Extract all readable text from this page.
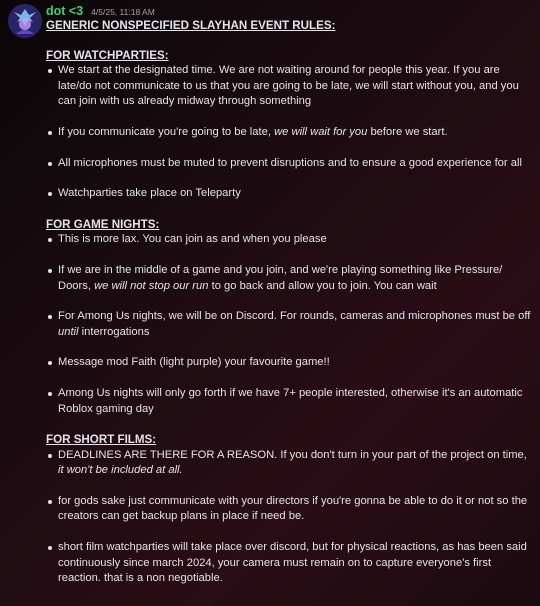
dot <3 4/5/25, 11:18 AM

GENERIC NONSPECIFIED SLAYHAN EVENT RULES:

FOR WATCHPARTIES:

We start at the designated time. We are not waiting around for people this year. If you are late/do not communicate to us that you are going to be late, we will start without you, and you can join with us already midway through something
If you communicate you're going to be late, we will wait for you before we start.
All microphones must be muted to prevent disruptions and to ensure a good experience for all
Watchparties take place on Teleparty

FOR GAME NIGHTS:

This is more lax. You can join as and when you please
If we are in the middle of a game and you join, and we're playing something like Pressure/ Doors, we will not stop our run to go back and allow you to join. You can wait
For Among Us nights, we will be on Discord. For rounds, cameras and microphones must be off until interrogations
Message mod Faith (light purple) your favourite game!!
Among Us nights will only go forth if we have 7+ people interested, otherwise it's an automatic Roblox gaming day

FOR SHORT FILMS:

DEADLINES ARE THERE FOR A REASON. If you don't turn in your part of the project on time, it won't be included at all.
for gods sake just communicate with your directors if you're gonna be able to do it or not so the creators can get backup plans in place if need be.
short film watchparties will take place over discord, but for physical reactions, as has been said continuously since march 2024, your camera must remain on to capture everyone's first reaction. that is a non negotiable.
